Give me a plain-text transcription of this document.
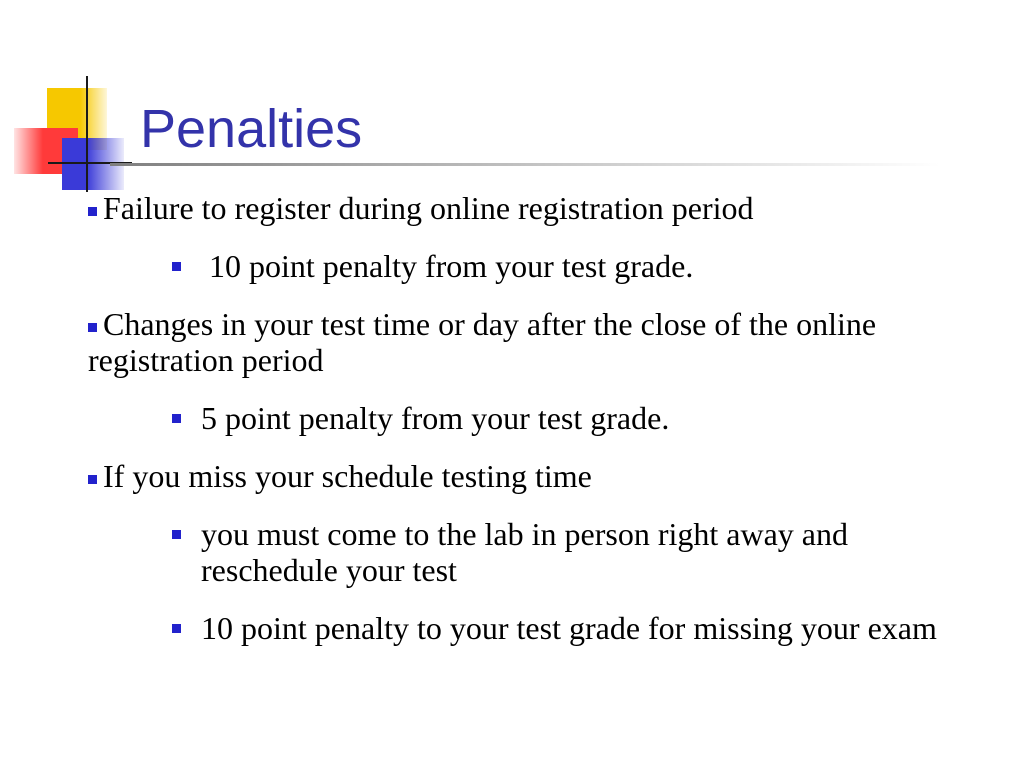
Penalties
Failure to register during online registration period
10 point penalty from your test grade.
Changes in your test time or day after the close of the online registration period
5 point penalty from your test grade.
If you miss your schedule testing time
you must come to the lab in person right away and reschedule your test
10 point penalty to your test grade for missing your exam
